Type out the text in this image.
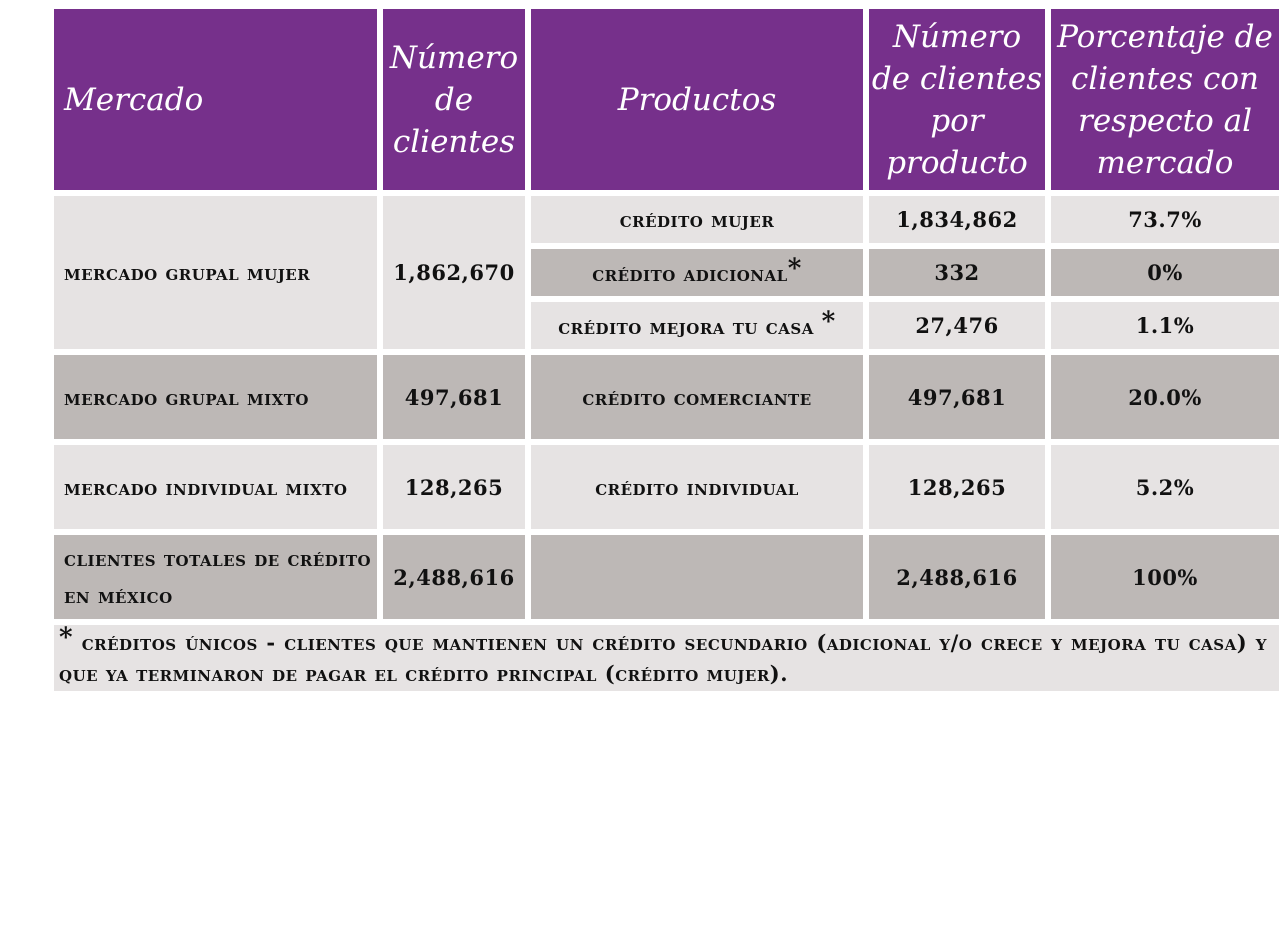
Mercado	Número de clientes	Productos	Número de clientes por producto	Porcentaje de clientes con respecto al mercado
mercado grupal mujer	1,862,670	crédito mujer	1,834,862	73.7%
		crédito adicional*	332	0%
		crédito mejora tu casa *	27,476	1.1%
mercado grupal mixto	497,681	crédito comerciante	497,681	20.0%
mercado individual mixto	128,265	crédito individual	128,265	5.2%
clientes totales de crédito en méxico	2,488,616		2,488,616	100%
* créditos únicos - clientes que mantienen un crédito secundario (adicional y/o crece y mejora tu casa) y que ya terminaron de pagar el crédito principal (crédito mujer).				
